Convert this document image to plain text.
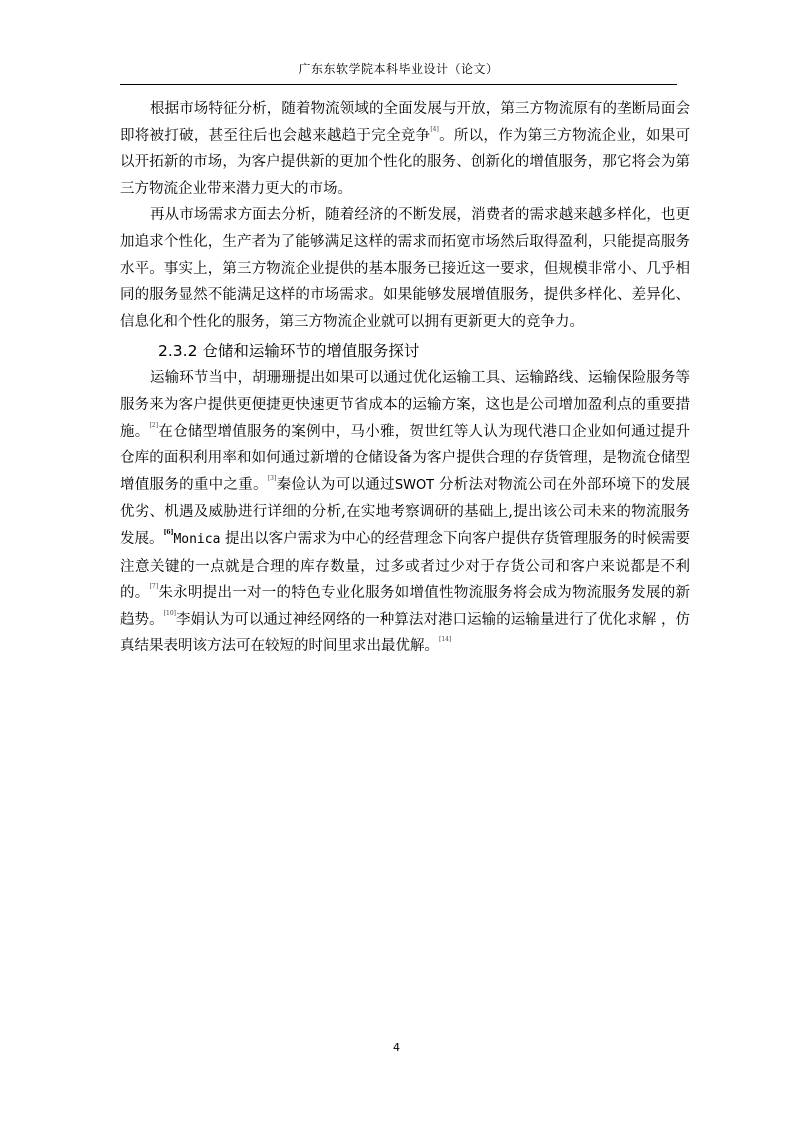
广东东软学院本科毕业设计（论文）

根据市场特征分析，随着物流领域的全面发展与开放，第三方物流原有的垄断局面会即将被打破，甚至往后也会越来越趋于完全竞争[4]。所以，作为第三方物流企业，如果可以开拓新的市场，为客户提供新的更加个性化的服务、创新化的增值服务，那它将会为第三方物流企业带来潜力更大的市场。

再从市场需求方面去分析，随着经济的不断发展，消费者的需求越来越多样化，也更加追求个性化，生产者为了能够满足这样的需求而拓宽市场然后取得盈利，只能提高服务水平。事实上，第三方物流企业提供的基本服务已接近这一要求，但规模非常小、几乎相同的服务显然不能满足这样的市场需求。如果能够发展增值服务，提供多样化、差异化、信息化和个性化的服务，第三方物流企业就可以拥有更新更大的竞争力。

2.3.2 仓储和运输环节的增值服务探讨

运输环节当中，胡珊珊提出如果可以通过优化运输工具、运输路线、运输保险服务等服务来为客户提供更便捷更快速更节省成本的运输方案，这也是公司增加盈利点的重要措施。[2]在仓储型增值服务的案例中，马小雅，贺世红等人认为现代港口企业如何通过提升仓库的面积利用率和如何通过新增的仓储设备为客户提供合理的存货管理，是物流仓储型增值服务的重中之重。[3]秦俭认为可以通过SWOT 分析法对物流公司在外部环境下的发展优劣、机遇及威胁进行详细的分析,在实地考察调研的基础上,提出该公司未来的物流服务发展。[6]Monica 提出以客户需求为中心的经营理念下向客户提供存货管理服务的时候需要注意关键的一点就是合理的库存数量，过多或者过少对于存货公司和客户来说都是不利的。[7]朱永明提出一对一的特色专业化服务如增值性物流服务将会成为物流服务发展的新趋势。[10]李娟认为可以通过神经网络的一种算法对港口运输的运输量进行了优化求解 ，仿真结果表明该方法可在较短的时间里求出最优解。[14]

4
